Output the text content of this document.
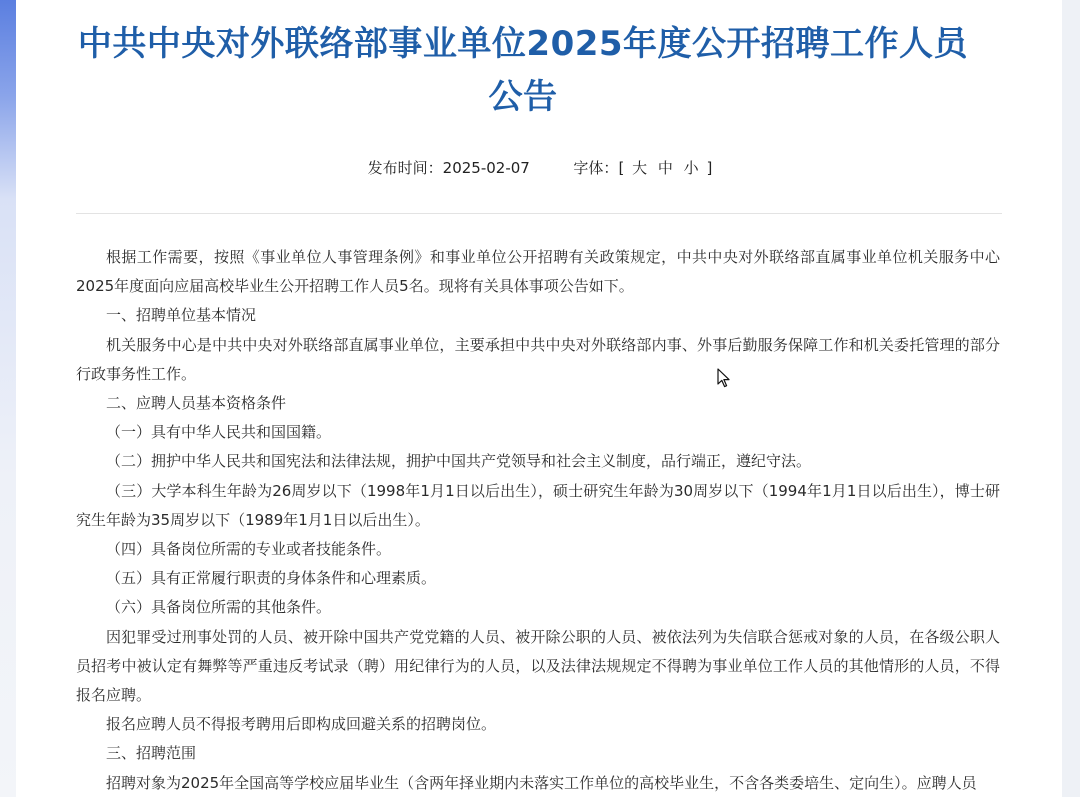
中共中央对外联络部事业单位2025年度公开招聘工作人员
公告
发布时间：2025-02-07	字体：[ 大 中 小 ]

根据工作需要，按照《事业单位人事管理条例》和事业单位公开招聘有关政策规定，中共中央对外联络部直属事业单位机关服务中心2025年度面向应届高校毕业生公开招聘工作人员5名。现将有关具体事项公告如下。

一、招聘单位基本情况

机关服务中心是中共中央对外联络部直属事业单位，主要承担中共中央对外联络部内事、外事后勤服务保障工作和机关委托管理的部分行政事务性工作。

二、应聘人员基本资格条件

（一）具有中华人民共和国国籍。

（二）拥护中华人民共和国宪法和法律法规，拥护中国共产党领导和社会主义制度，品行端正，遵纪守法。

（三）大学本科生年龄为26周岁以下（1998年1月1日以后出生），硕士研究生年龄为30周岁以下（1994年1月1日以后出生），博士研究生年龄为35周岁以下（1989年1月1日以后出生）。

（四）具备岗位所需的专业或者技能条件。

（五）具有正常履行职责的身体条件和心理素质。

（六）具备岗位所需的其他条件。

因犯罪受过刑事处罚的人员、被开除中国共产党党籍的人员、被开除公职的人员、被依法列为失信联合惩戒对象的人员，在各级公职人员招考中被认定有舞弊等严重违反考试录（聘）用纪律行为的人员，以及法律法规规定不得聘为事业单位工作人员的其他情形的人员，不得报名应聘。

报名应聘人员不得报考聘用后即构成回避关系的招聘岗位。

三、招聘范围

招聘对象为2025年全国高等学校应届毕业生（含两年择业期内未落实工作单位的高校毕业生，不含各类委培生、定向生）。应聘人员
